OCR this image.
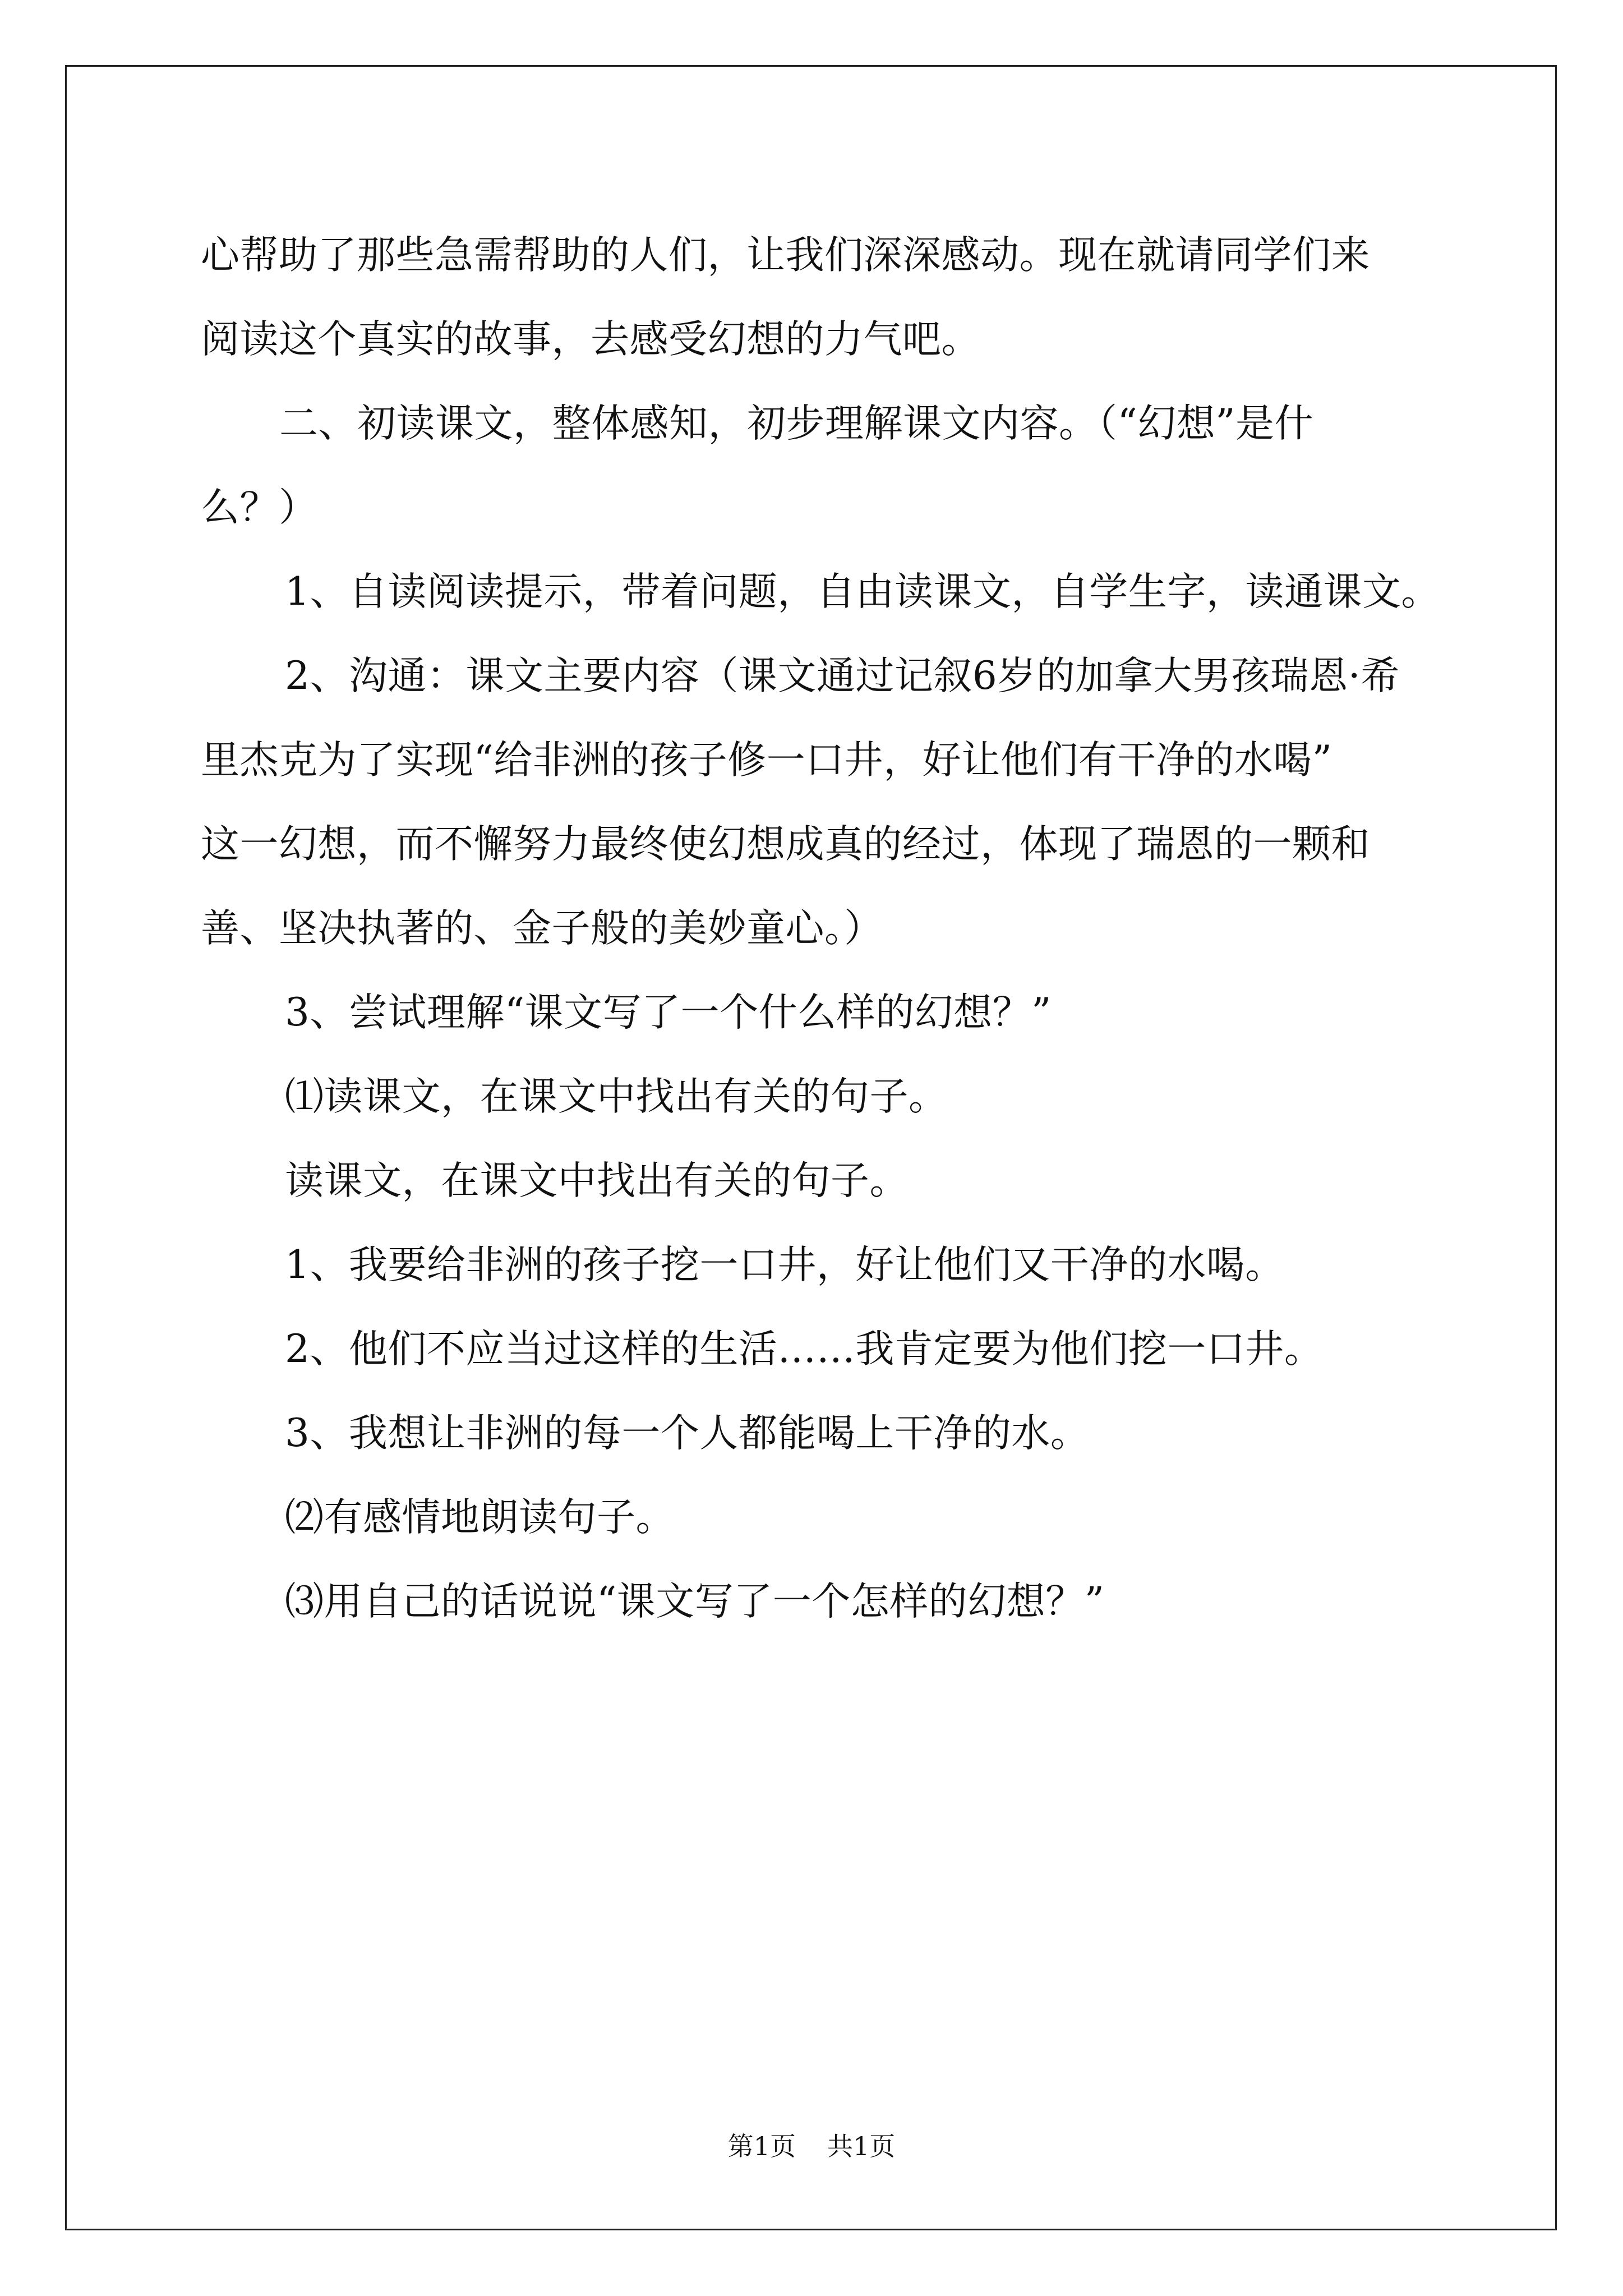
心帮助了那些急需帮助的人们，让我们深深感动。现在就请同学们来

阅读这个真实的故事，去感受幻想的力气吧。

二、初读课文，整体感知，初步理解课文内容。（“幻想”是什

么？）

1、自读阅读提示，带着问题，自由读课文，自学生字，读通课文。

2、沟通：课文主要内容（课文通过记叙6岁的加拿大男孩瑞恩·希

里杰克为了实现“给非洲的孩子修一口井，好让他们有干净的水喝”

这一幻想，而不懈努力最终使幻想成真的经过，体现了瑞恩的一颗和

善、坚决执著的、金子般的美妙童心。）

3、尝试理解“课文写了一个什么样的幻想？”

⑴读课文，在课文中找出有关的句子。

读课文，在课文中找出有关的句子。

1、我要给非洲的孩子挖一口井，好让他们又干净的水喝。

2、他们不应当过这样的生活……我肯定要为他们挖一口井。

3、我想让非洲的每一个人都能喝上干净的水。

⑵有感情地朗读句子。

⑶用自己的话说说“课文写了一个怎样的幻想？”

第1页 共1页
